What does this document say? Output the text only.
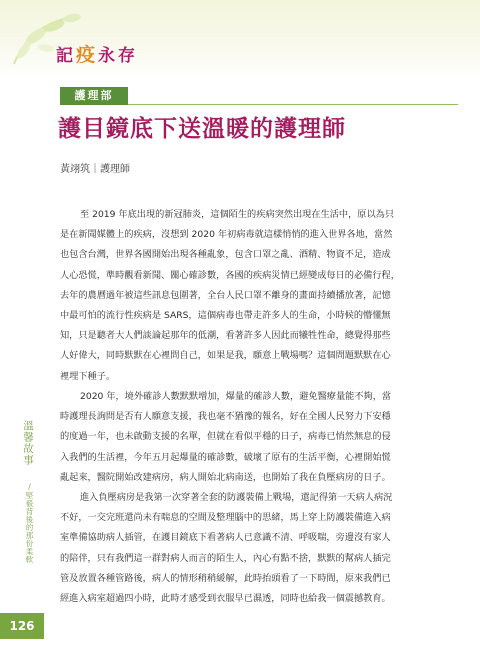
記疫永存
護理部
護目鏡底下送溫暖的護理師
黃翊筑｜護理師
至 2019 年底出現的新冠肺炎，這個陌生的疾病突然出現在生活中，原以為只
是在新聞媒體上的疾病，沒想到 2020 年初病毒就這樣悄悄的進入世界各地，當然
也包含台灣，世界各國開始出現各種亂象，包含口罩之亂、酒精、物資不足，造成
人心恐慌，準時觀看新聞、關心確診數，各國的疾病災情已經變成每日的必備行程，
去年的農曆過年被這些訊息包圍著，全台人民口罩不離身的畫面持續播放著，記憶
中最可怕的流行性疾病是 SARS，這個病毒也帶走許多人的生命，小時候的懵懂無
知，只是聽者大人們談論起那年的低潮，看著許多人因此而犧牲性命，總覺得那些
人好偉大，同時默默在心裡問自己，如果是我，願意上戰場嗎？這個問題默默在心
裡埋下種子。
2020 年，境外確診人數默默增加，爆量的確診人數，避免醫療量能不夠，當
時護理長詢問是否有人願意支援，我也毫不猶豫的報名，好在全國人民努力下安穩
的度過一年，也未啟動支援的名單，但就在看似平穩的日子，病毒已悄然無息的侵
入我們的生活裡，今年五月起爆量的確診數，破壞了原有的生活平衡，心裡開始慌
亂起來，醫院開始改建病房，病人開始北病南送，也開始了我在負壓病房的日子。
進入負壓病房是我第一次穿著全套的防護裝備上戰場，還記得第一天病人病況
不好，一交完班還尚未有喘息的空間及整理腦中的思緒，馬上穿上防護裝備進入病
室準備協助病人插管，在護目鏡底下看著病人已意識不清、呼吸喘，旁邊沒有家人
的陪伴，只有我們這一群對病人而言的陌生人，內心有點不捨，默默的幫病人插完
管及放置各種管路後，病人的情形稍稍緩解，此時抬頭看了一下時間，原來我們已
經進入病室超過四小時，此時才感受到衣服早已濕透，同時也給我一個震撼教育。
溫馨故事
∕堅毅背後的那份柔軟
126
